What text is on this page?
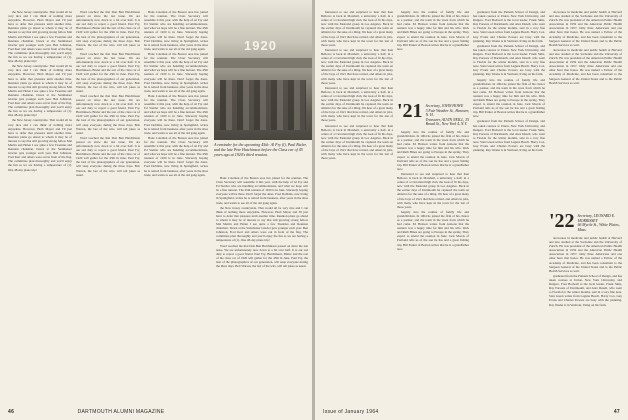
the New Jersey countryside. That would all be very nice and I can think of nothing more enjoyable. However, Herb Mayer and I'll just have to defer that pleasure until another time. Reunion plans go ahead to whom it may be of interest to say that still growing strong fellow Mal Martin and Helen I see quite a few Twenties and Reunion chairman. Down at the Steinbeiser Glacier gets younger each year. Ben Johnston, Fred Kerr and others were out in front of the flag. The committee plan thoroughly and you'll enjoy the fun as we are having a temperature of (1). One 48-day plane trip!

the New Jersey countryside. That would all be very nice and I can think of nothing more enjoyable. However, Herb Mayer and I'll just have to defer that pleasure until another time. Reunion plans go ahead to whom it may be of interest to say that still growing strong fellow Mal Martin and Helen I see quite a few Twenties and Reunion chairman. Down at the Steinbeiser Glacier gets younger each year. Ben Johnston, Fred Kerr and others were out in front of the flag. The committee plan thoroughly and you'll enjoy the fun as we are having a temperature of (1). One 48-day plane trip!

the New Jersey countryside. That would all be very nice and I can think of nothing more enjoyable. However, Herb Mayer and I'll just have to defer that pleasure until another time. Reunion plans go ahead to whom it may be of interest to say that still growing strong fellow Mal Martin and Helen I see quite a few Twenties and Reunion chairman. Down at the Steinbeiser Glacier gets younger each year. Ben Johnston, Fred Kerr and others were out in front of the flag. The committee plan thoroughly and you'll enjoy the fun as we are having a temperature of (1). One 48-day plane trip!

Word reached me that Don Ben Hutchinson passed on since the last issue. We are unfortunately now down to a bit over half. It is our sad duty to report a good friend. Paul Fry, Hutchinson, Bixler and the rest of the class car of 1920 will gather for the 45th in June. Paul Fry, the best of the photographers of our generation, will snap everyone during the three days. Bob Warren, the last of the wits, will tell jokes as usual.

Word reached me that Don Ben Hutchinson passed on since the last issue. We are unfortunately now down to a bit over half. It is our sad duty to report a good friend. Paul Fry, Hutchinson, Bixler and the rest of the class car of 1920 will gather for the 45th in June. Paul Fry, the best of the photographers of our generation, will snap everyone during the three days. Bob Warren, the last of the wits, will tell jokes as usual.

Word reached me that Don Ben Hutchinson passed on since the last issue. We are unfortunately now down to a bit over half. It is our sad duty to report a good friend. Paul Fry, Hutchinson, Bixler and the rest of the class car of 1920 will gather for the 45th in June. Paul Fry, the best of the photographers of our generation, will snap everyone during the three days. Bob Warren, the last of the wits, will tell jokes as usual.

Word reached me that Don Ben Hutchinson passed on since the last issue. We are unfortunately now down to a bit over half. It is our sad duty to report a good friend. Paul Fry, Hutchinson, Bixler and the rest of the class car of 1920 will gather for the 45th in June. Paul Fry, the best of the photographers of our generation, will snap everyone during the three days. Bob Warren, the last of the wits, will tell jokes as usual.

Hans Coleman of the Boston area has joined for the reunion. The Class Secretary will assemble it this year, with the help of Al Fry and Ed Stettler who are handling accommodations, and what we hope will be a fine turnout. The 45th reunion of 1920 is in June. Sincerely hoping everyone will be there. Don't forget the dates. Fred Dobbins, now living in Springfield, writes he is retired from business, after years in the shoe trade, and wants to see all of the old gang again.

Hans Coleman of the Boston area has joined for the reunion. The Class Secretary will assemble it this year, with the help of Al Fry and Ed Stettler who are handling accommodations, and what we hope will be a fine turnout. The 45th reunion of 1920 is in June. Sincerely hoping everyone will be there. Don't forget the dates. Fred Dobbins, now living in Springfield, writes he is retired from business, after years in the shoe trade, and wants to see all of the old gang again.

Hans Coleman of the Boston area has joined for the reunion. The Class Secretary will assemble it this year, with the help of Al Fry and Ed Stettler who are handling accommodations, and what we hope will be a fine turnout. The 45th reunion of 1920 is in June. Sincerely hoping everyone will be there. Don't forget the dates. Fred Dobbins, now living in Springfield, writes he is retired from business, after years in the shoe trade, and wants to see all of the old gang again.

Hans Coleman of the Boston area has joined for the reunion. The Class Secretary will assemble it this year, with the help of Al Fry and Ed Stettler who are handling accommodations, and what we hope will be a fine turnout. The 45th reunion of 1920 is in June. Sincerely hoping everyone will be there. Don't forget the dates. Fred Dobbins, now living in Springfield, writes he is retired from business, after years in the shoe trade, and wants to see all of the old gang again.

1920
A reminder for the upcoming 45th: Al Fry (l), Paul Bixler, and the late Pete Hutchinson before the Class car of 45 years ago at 1920's third reunion.

Hans Coleman of the Boston area has joined for the reunion. The Class Secretary will assemble it this year, with the help of Al Fry and Ed Stettler who are handling accommodations, and what we hope will be a fine turnout. The 45th reunion of 1920 is in June. Sincerely hoping everyone will be there. Don't forget the dates. Fred Dobbins, now living in Springfield, writes he is retired from business, after years in the shoe trade, and wants to see all of the old gang again.

the New Jersey countryside. That would all be very nice and I can think of nothing more enjoyable. However, Herb Mayer and I'll just have to defer that pleasure until another time. Reunion plans go ahead to whom it may be of interest to say that still growing strong fellow Mal Martin and Helen I see quite a few Twenties and Reunion chairman. Down at the Steinbeiser Glacier gets younger each year. Ben Johnston, Fred Kerr and others were out in front of the flag. The committee plan thoroughly and you'll enjoy the fun as we are having a temperature of (1). One 48-day plane trip!

Word reached me that Don Ben Hutchinson passed on since the last issue. We are unfortunately now down to a bit over half. It is our sad duty to report a good friend. Paul Fry, Hutchinson, Bixler and the rest of the class car of 1920 will gather for the 45th in June. Paul Fry, the best of the photographers of our generation, will snap everyone during the three days. Bob Warren, the last of the wits, will tell jokes as usual.

46	DARTMOUTH ALUMNI MAGAZINE

Interested to see and surprised to hear that Ken Bellows is back in Marshall, a university a half, in a centre of a Cleveland high club, the look of fit his days, now with the Ekstrand group in Los Angeles. Back in the earlier days of Dartmouth he captured the team on athletics for the sake of a thing. We hear of a great many of the boys of 1921 that have retired, and others in jobs, with many who have kept in the town for the last of those years.

Interested to see and surprised to hear that Ken Bellows is back in Marshall, a university a half, in a centre of a Cleveland high club, the look of fit his days, now with the Ekstrand group in Los Angeles. Back in the earlier days of Dartmouth he captured the team on athletics for the sake of a thing. We hear of a great many of the boys of 1921 that have retired, and others in jobs, with many who have kept in the town for the last of those years.

Interested to see and surprised to hear that Ken Bellows is back in Marshall, a university a half, in a centre of a Cleveland high club, the look of fit his days, now with the Ekstrand group in Los Angeles. Back in the earlier days of Dartmouth he captured the team on athletics for the sake of a thing. We hear of a great many of the boys of 1921 that have retired, and others in jobs, with many who have kept in the town for the last of those years.

Interested to see and surprised to hear that Ken Bellows is back in Marshall, a university a half, in a centre of a Cleveland high club, the look of fit his days, now with the Ekstrand group in Los Angeles. Back in the earlier days of Dartmouth he captured the team on athletics for the sake of a thing. We hear of a great many of the boys of 1921 that have retired, and others in jobs, with many who have kept in the town for the last of those years.

happily into the routine of family life and grandchildren. In 1964 he joined the firm of his choice as a partner, and the team in the town from which he had come. Ed Hobson writes from Arizona that the reunion was a happy time for him and his wife. Dick and Ruth Hines are going to Europe in the spring. They expect to attend the reunion in June. Jack Morris of Portland tells us of the son he has and a great fishing trip. Bill Parker of Boston writes that he is a grandfather now.

'21 Secretary, JOHN HOWE
3 Fair Weather St., Hanover, N. H.
Treasurer, ALVIN NEILL, 35 Broad St., New York 4, N.Y.

happily into the routine of family life and grandchildren. In 1964 he joined the firm of his choice as a partner, and the team in the town from which he had come. Ed Hobson writes from Arizona that the reunion was a happy time for him and his wife. Dick and Ruth Hines are going to Europe in the spring. They expect to attend the reunion in June. Jack Morris of Portland tells us of the son he has and a great fishing trip. Bill Parker of Boston writes that he is a grandfather now.

Interested to see and surprised to hear that Ken Bellows is back in Marshall, a university a half, in a centre of a Cleveland high club, the look of fit his days, now with the Ekstrand group in Los Angeles. Back in the earlier days of Dartmouth he captured the team on athletics for the sake of a thing. We hear of a great many of the boys of 1921 that have retired, and others in jobs, with many who have kept in the town for the last of those years.

happily into the routine of family life and grandchildren. In 1964 he joined the firm of his choice as a partner, and the team in the town from which he had come. Ed Hobson writes from Arizona that the reunion was a happy time for him and his wife. Dick and Ruth Hines are going to Europe in the spring. They expect to attend the reunion in June. Jack Morris of Portland tells us of the son he has and a great fishing trip. Bill Parker of Boston writes that he is a grandfather now.

graduated from the Putnam School of Design, and has taken courses at Union, New York University, and Rutgers. Fred Bodwell is the local leader. Frank Sims, Ray Parsons of Dartmouth, and Alex Dusell, who went to Florida for the winter months, sent in a very fine note. Stan Green writes from Laguna Beach. Harry Cox, Guy Evans and Charles Powers are busy with the planning. Ray Weeks is in Vermont, living on his farm.

graduated from the Putnam School of Design, and has taken courses at Union, New York University, and Rutgers. Fred Bodwell is the local leader. Frank Sims, Ray Parsons of Dartmouth, and Alex Dusell, who went to Florida for the winter months, sent in a very fine note. Stan Green writes from Laguna Beach. Harry Cox, Guy Evans and Charles Powers are busy with the planning. Ray Weeks is in Vermont, living on his farm.

happily into the routine of family life and grandchildren. In 1964 he joined the firm of his choice as a partner, and the team in the town from which he had come. Ed Hobson writes from Arizona that the reunion was a happy time for him and his wife. Dick and Ruth Hines are going to Europe in the spring. They expect to attend the reunion in June. Jack Morris of Portland tells us of the son he has and a great fishing trip. Bill Parker of Boston writes that he is a grandfather now.

graduated from the Putnam School of Design, and has taken courses at Union, New York University, and Rutgers. Fred Bodwell is the local leader. Frank Sims, Ray Parsons of Dartmouth, and Alex Dusell, who went to Florida for the winter months, sent in a very fine note. Stan Green writes from Laguna Beach. Harry Cox, Guy Evans and Charles Powers are busy with the planning. Ray Weeks is in Vermont, living on his farm.

doctorates in medicine and public health at Harvard and also studied at the Sorbonne and the University of Zurich. He was president of the American Public Health Association in 1959 and the American Public Health Association in 1957. Only three Americans and one other have that honor. He was named a Fellow of the Academy of Medicine, and has been consultant to the Surgeon General of the United States and to the Public Health Services as well.

doctorates in medicine and public health at Harvard and also studied at the Sorbonne and the University of Zurich. He was president of the American Public Health Association in 1959 and the American Public Health Association in 1957. Only three Americans and one other have that honor. He was named a Fellow of the Academy of Medicine, and has been consultant to the Surgeon General of the United States and to the Public Health Services as well.

'22 Secretary, LEONARD E. MORRISSEY
66 Myrtle St., White Plains, Mass.

doctorates in medicine and public health at Harvard and also studied at the Sorbonne and the University of Zurich. He was president of the American Public Health Association in 1959 and the American Public Health Association in 1957. Only three Americans and one other have that honor. He was named a Fellow of the Academy of Medicine, and has been consultant to the Surgeon General of the United States and to the Public Health Services as well.

graduated from the Putnam School of Design, and has taken courses at Union, New York University, and Rutgers. Fred Bodwell is the local leader. Frank Sims, Ray Parsons of Dartmouth, and Alex Dusell, who went to Florida for the winter months, sent in a very fine note. Stan Green writes from Laguna Beach. Harry Cox, Guy Evans and Charles Powers are busy with the planning. Ray Weeks is in Vermont, living on his farm.

Issue of January 1964	47
